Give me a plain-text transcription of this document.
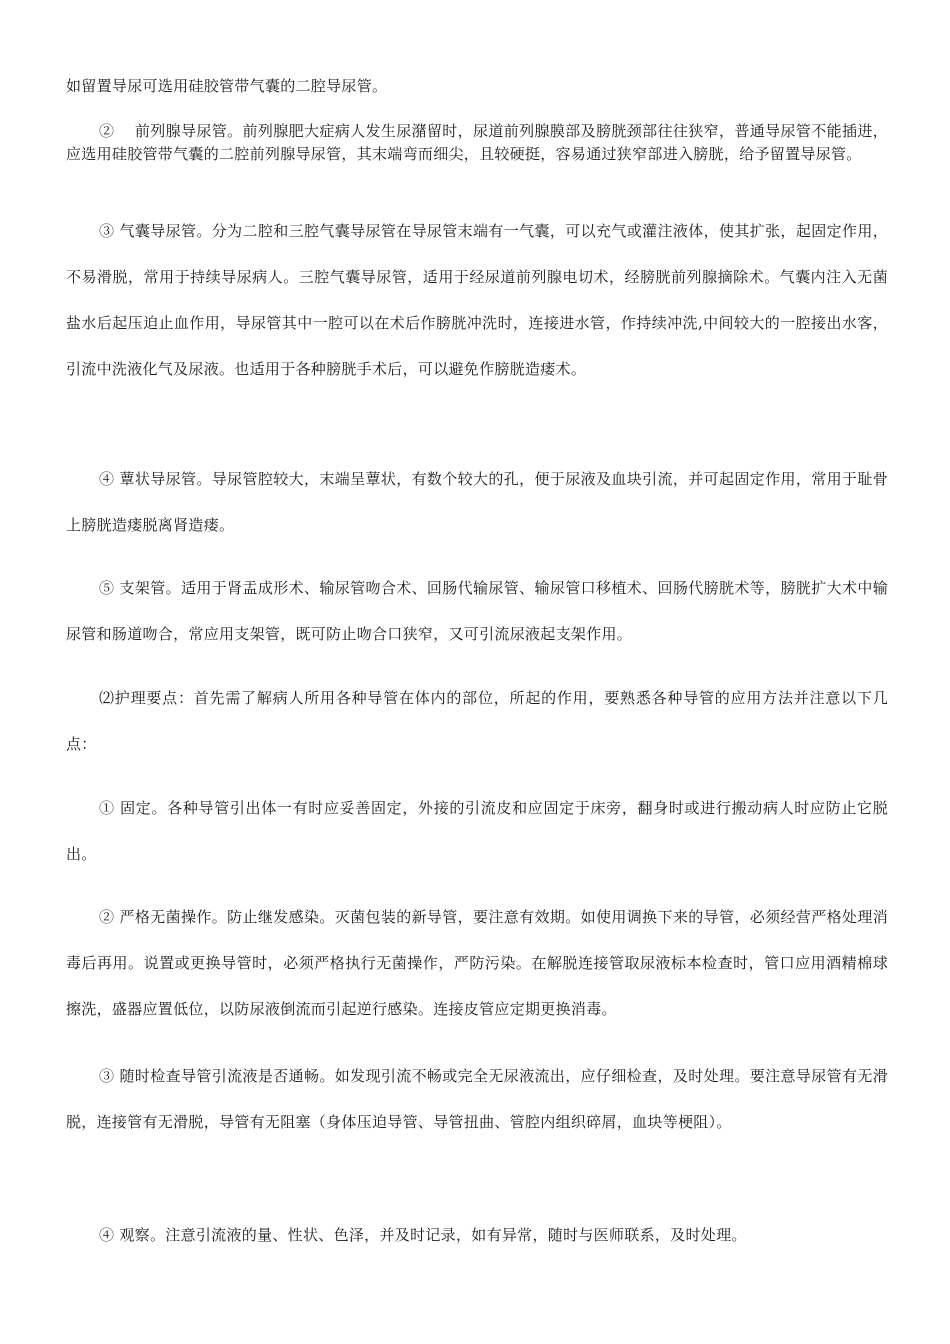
如留置导尿可选用硅胶管带气囊的二腔导尿管。

②　 前列腺导尿管。前列腺肥大症病人发生尿潴留时，尿道前列腺膜部及膀胱颈部往往狭窄，普通导尿管不能插进，应选用硅胶管带气囊的二腔前列腺导尿管，其末端弯而细尖，且较硬挺，容易通过狭窄部进入膀胱，给予留置导尿管。

③ 气囊导尿管。分为二腔和三腔气囊导尿管在导尿管末端有一气囊，可以充气或灌注液体，使其扩张，起固定作用，不易滑脱，常用于持续导尿病人。三腔气囊导尿管，适用于经尿道前列腺电切术，经膀胱前列腺摘除术。气囊内注入无菌盐水后起压迫止血作用，导尿管其中一腔可以在术后作膀胱冲洗时，连接进水管，作持续冲洗,中间较大的一腔接出水客，引流中洗液化气及尿液。也适用于各种膀胱手术后，可以避免作膀胱造瘘术。

④ 蕈状导尿管。导尿管腔较大，末端呈蕈状，有数个较大的孔，便于尿液及血块引流，并可起固定作用，常用于耻骨上膀胱造瘘脱离肾造瘘。

⑤ 支架管。适用于肾盂成形术、输尿管吻合术、回肠代输尿管、输尿管口移植术、回肠代膀胱术等，膀胱扩大术中输尿管和肠道吻合，常应用支架管，既可防止吻合口狭窄，又可引流尿液起支架作用。

⑵护理要点：首先需了解病人所用各种导管在体内的部位，所起的作用，要熟悉各种导管的应用方法并注意以下几点：

① 固定。各种导管引出体一有时应妥善固定，外接的引流皮和应固定于床旁，翻身时或进行搬动病人时应防止它脱出。

② 严格无菌操作。防止继发感染。灭菌包装的新导管，要注意有效期。如使用调换下来的导管，必须经营严格处理消毒后再用。说置或更换导管时，必须严格执行无菌操作，严防污染。在解脱连接管取尿液标本检查时，管口应用酒精棉球擦洗，盛器应置低位，以防尿液倒流而引起逆行感染。连接皮管应定期更换消毒。

③ 随时检查导管引流液是否通畅。如发现引流不畅或完全无尿液流出，应仔细检查，及时处理。要注意导尿管有无滑脱，连接管有无滑脱，导管有无阻塞（身体压迫导管、导管扭曲、管腔内组织碎屑，血块等梗阻）。

④ 观察。注意引流液的量、性状、色泽，并及时记录，如有异常，随时与医师联系，及时处理。
